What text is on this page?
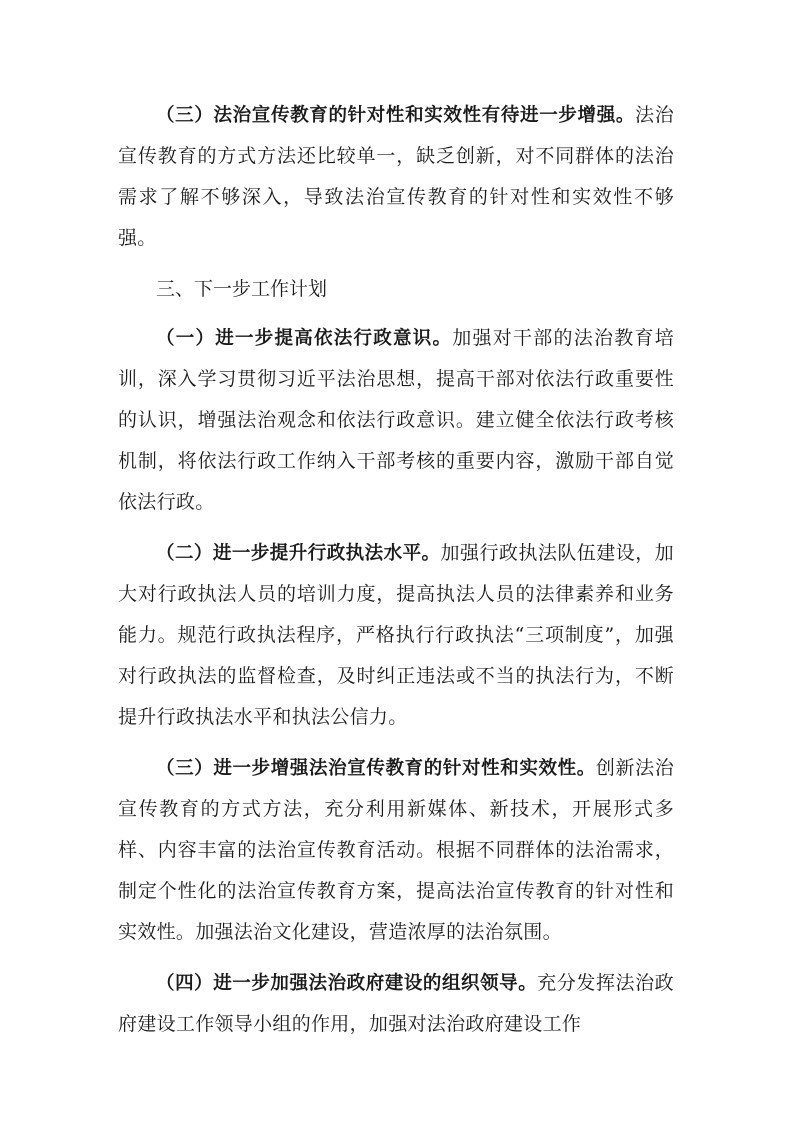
（三）法治宣传教育的针对性和实效性有待进一步增强。法治宣传教育的方式方法还比较单一，缺乏创新，对不同群体的法治需求了解不够深入，导致法治宣传教育的针对性和实效性不够强。

三、下一步工作计划

（一）进一步提高依法行政意识。加强对干部的法治教育培训，深入学习贯彻习近平法治思想，提高干部对依法行政重要性的认识，增强法治观念和依法行政意识。建立健全依法行政考核机制，将依法行政工作纳入干部考核的重要内容，激励干部自觉依法行政。

（二）进一步提升行政执法水平。加强行政执法队伍建设，加大对行政执法人员的培训力度，提高执法人员的法律素养和业务能力。规范行政执法程序，严格执行行政执法“三项制度”，加强对行政执法的监督检查，及时纠正违法或不当的执法行为，不断提升行政执法水平和执法公信力。

（三）进一步增强法治宣传教育的针对性和实效性。创新法治宣传教育的方式方法，充分利用新媒体、新技术，开展形式多样、内容丰富的法治宣传教育活动。根据不同群体的法治需求，制定个性化的法治宣传教育方案，提高法治宣传教育的针对性和实效性。加强法治文化建设，营造浓厚的法治氛围。

（四）进一步加强法治政府建设的组织领导。充分发挥法治政府建设工作领导小组的作用，加强对法治政府建设工作
